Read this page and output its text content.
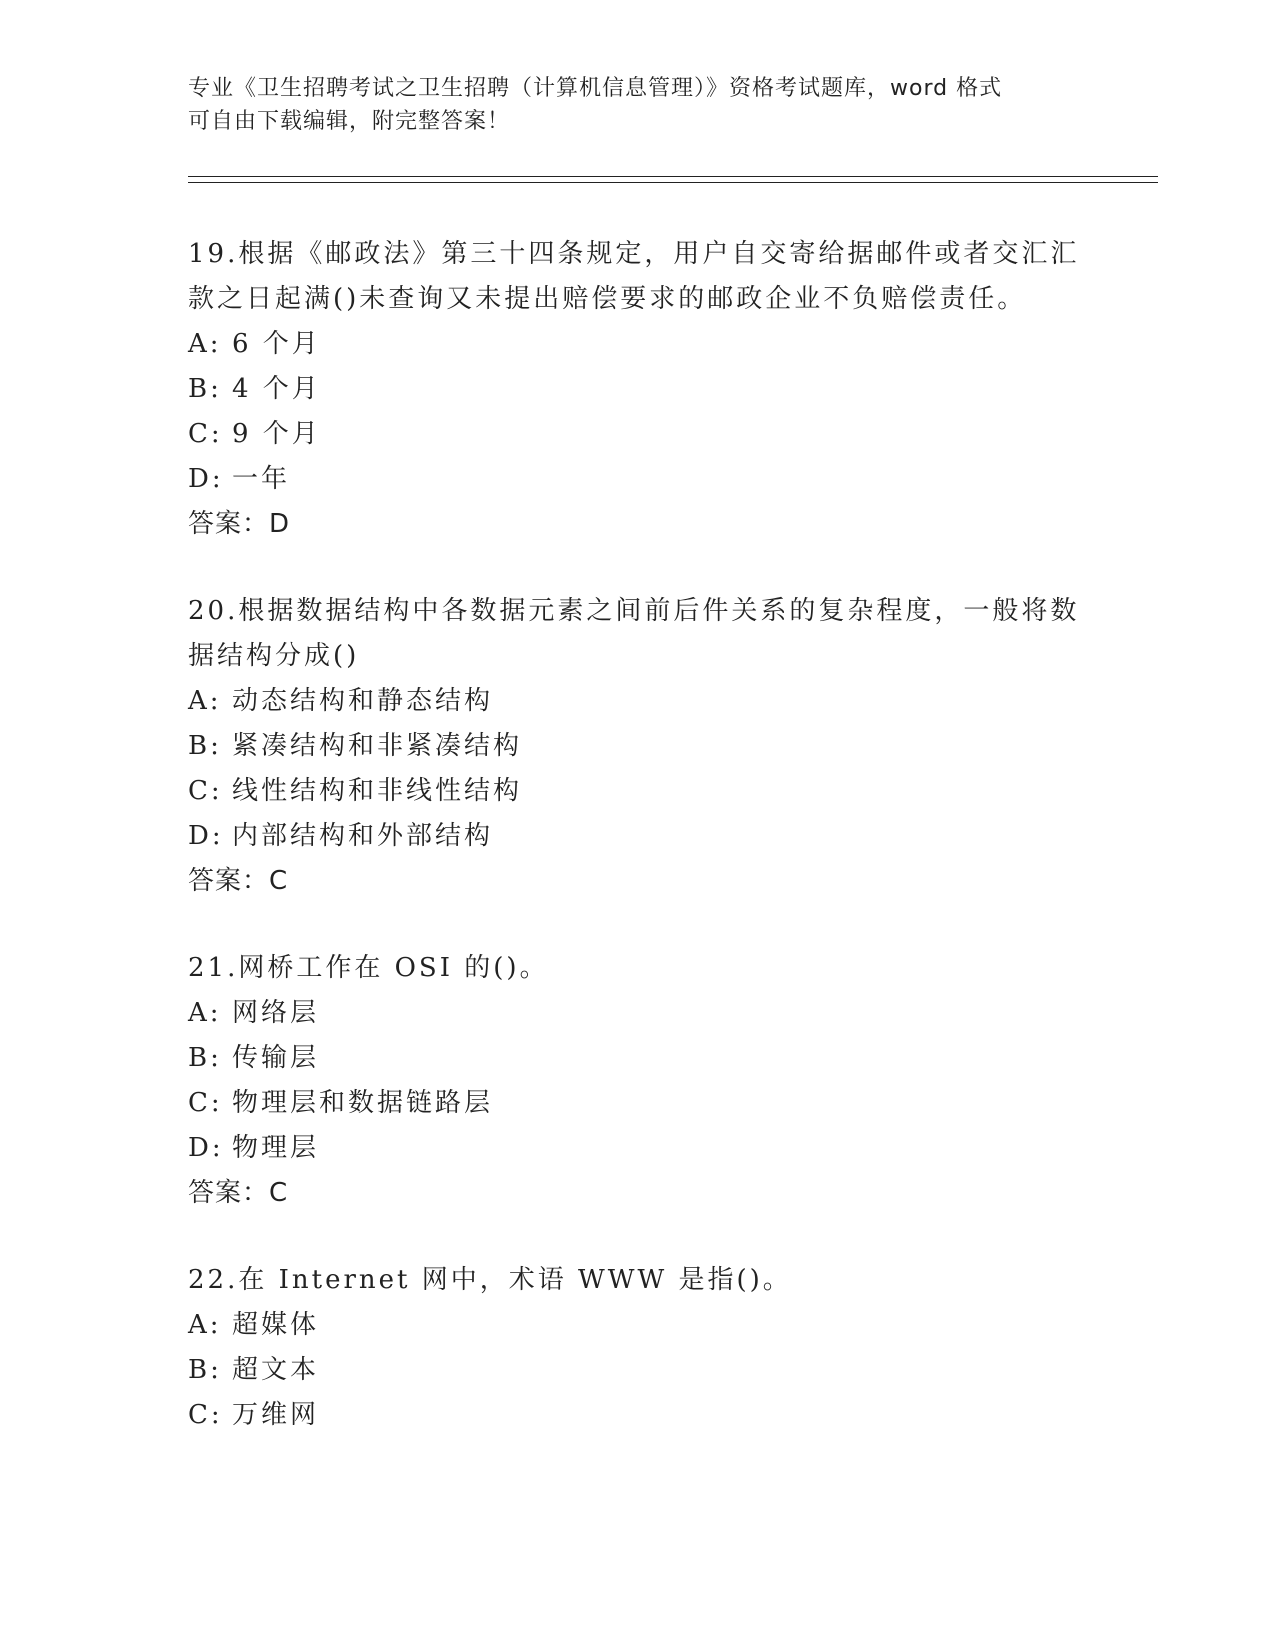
专业《卫生招聘考试之卫生招聘（计算机信息管理）》资格考试题库，word 格式
可自由下载编辑，附完整答案！

19.根据《邮政法》第三十四条规定，用户自交寄给据邮件或者交汇汇款之日起满()未查询又未提出赔偿要求的邮政企业不负赔偿责任。

A: 6 个月

B: 4 个月

C: 9 个月

D: 一年

答案：D

20.根据数据结构中各数据元素之间前后件关系的复杂程度，一般将数据结构分成()

A: 动态结构和静态结构

B: 紧凑结构和非紧凑结构

C: 线性结构和非线性结构

D: 内部结构和外部结构

答案：C

21.网桥工作在 OSI 的()。

A: 网络层

B: 传输层

C: 物理层和数据链路层

D: 物理层

答案：C

22.在 Internet 网中，术语 WWW 是指()。

A: 超媒体

B: 超文本

C: 万维网
